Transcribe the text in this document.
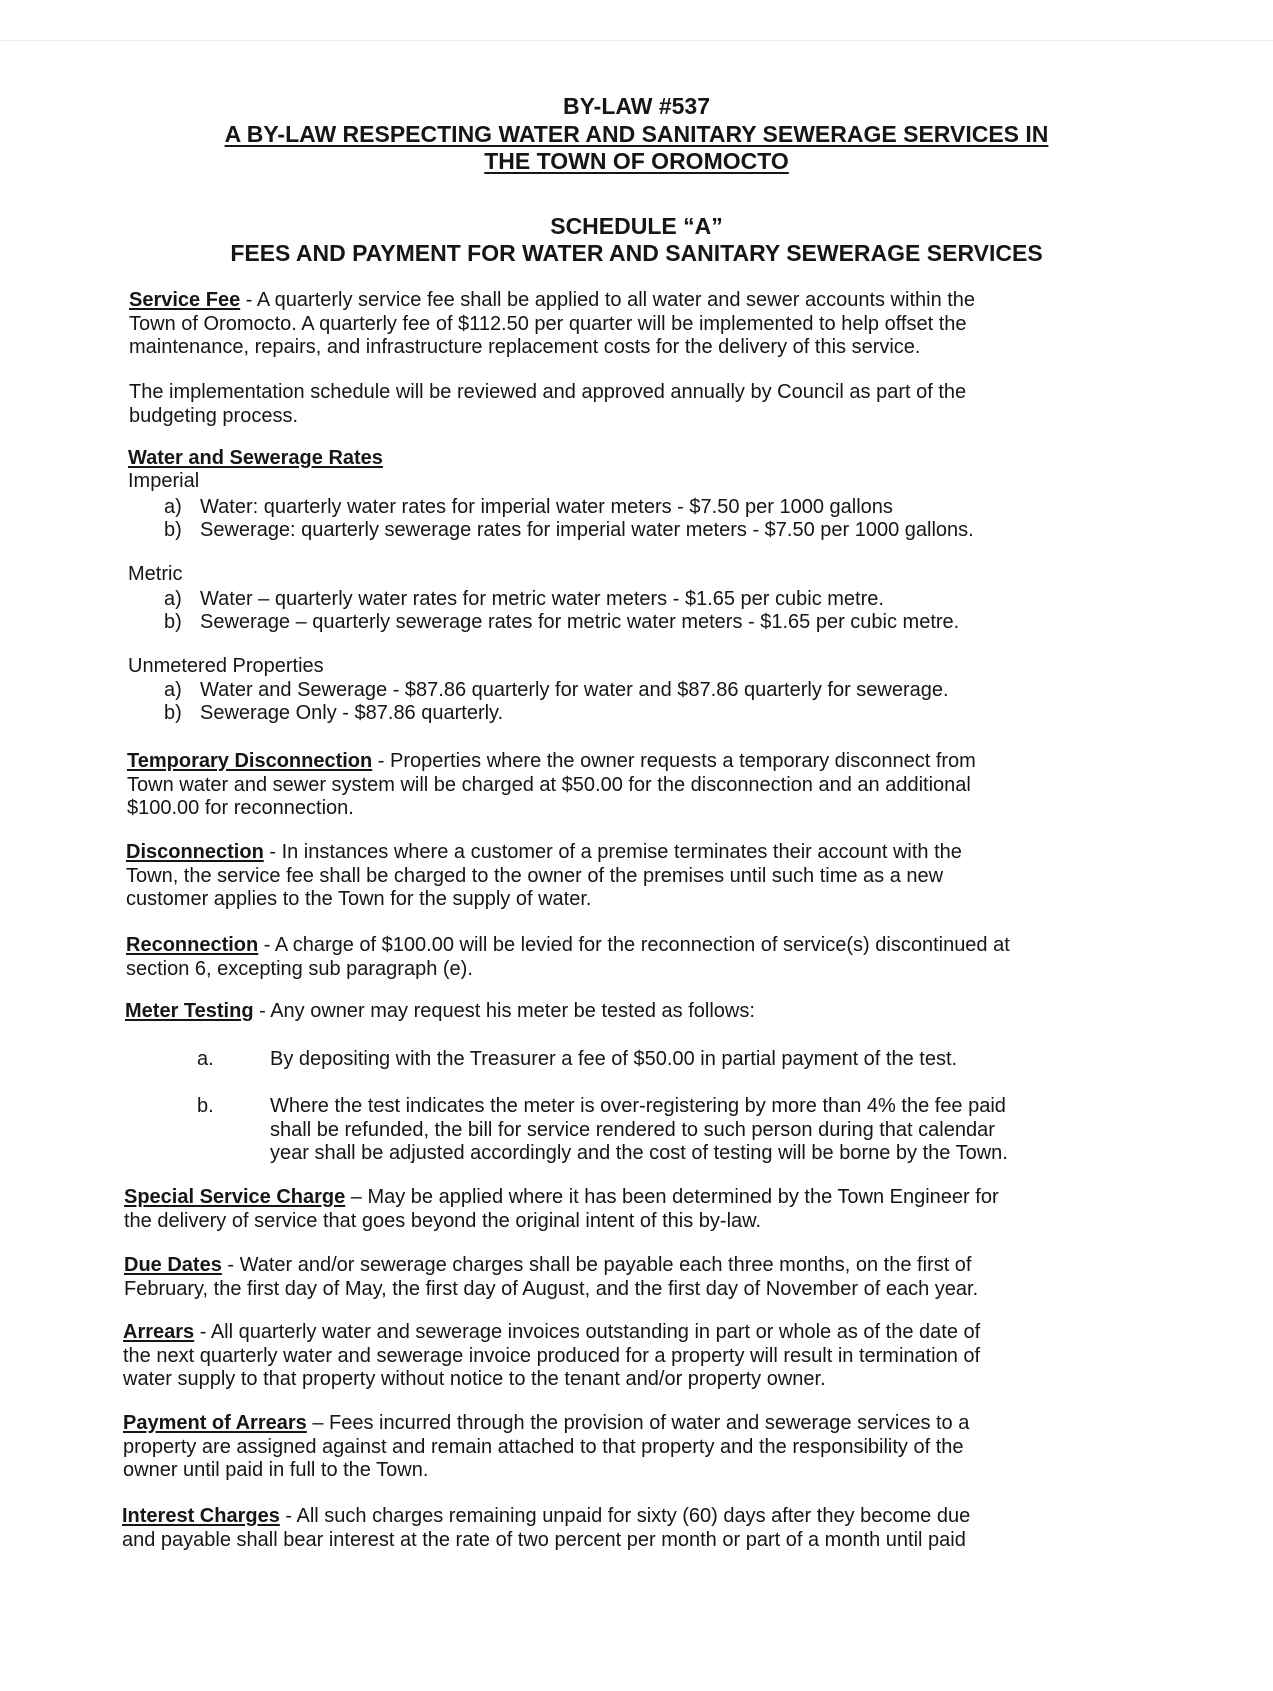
BY-LAW #537
A BY-LAW RESPECTING WATER AND SANITARY SEWERAGE SERVICES IN
THE TOWN OF OROMOCTO
SCHEDULE “A”
FEES AND PAYMENT FOR WATER AND SANITARY SEWERAGE SERVICES
Service Fee - A quarterly service fee shall be applied to all water and sewer accounts within the
Town of Oromocto. A quarterly fee of $112.50 per quarter will be implemented to help offset the
maintenance, repairs, and infrastructure replacement costs for the delivery of this service.
The implementation schedule will be reviewed and approved annually by Council as part of the
budgeting process.
Water and Sewerage Rates
Imperial
a) Water: quarterly water rates for imperial water meters - $7.50 per 1000 gallons
b) Sewerage: quarterly sewerage rates for imperial water meters - $7.50 per 1000 gallons.
Metric
a) Water – quarterly water rates for metric water meters - $1.65 per cubic metre.
b) Sewerage – quarterly sewerage rates for metric water meters - $1.65 per cubic metre.
Unmetered Properties
a) Water and Sewerage - $87.86 quarterly for water and $87.86 quarterly for sewerage.
b) Sewerage Only - $87.86 quarterly.
Temporary Disconnection - Properties where the owner requests a temporary disconnect from
Town water and sewer system will be charged at $50.00 for the disconnection and an additional
$100.00 for reconnection.
Disconnection - In instances where a customer of a premise terminates their account with the
Town, the service fee shall be charged to the owner of the premises until such time as a new
customer applies to the Town for the supply of water.
Reconnection - A charge of $100.00 will be levied for the reconnection of service(s) discontinued at
section 6, excepting sub paragraph (e).
Meter Testing - Any owner may request his meter be tested as follows:
a.	By depositing with the Treasurer a fee of $50.00 in partial payment of the test.
b.	Where the test indicates the meter is over-registering by more than 4% the fee paid
shall be refunded, the bill for service rendered to such person during that calendar
year shall be adjusted accordingly and the cost of testing will be borne by the Town.
Special Service Charge – May be applied where it has been determined by the Town Engineer for
the delivery of service that goes beyond the original intent of this by-law.
Due Dates - Water and/or sewerage charges shall be payable each three months, on the first of
February, the first day of May, the first day of August, and the first day of November of each year.
Arrears - All quarterly water and sewerage invoices outstanding in part or whole as of the date of
the next quarterly water and sewerage invoice produced for a property will result in termination of
water supply to that property without notice to the tenant and/or property owner.
Payment of Arrears – Fees incurred through the provision of water and sewerage services to a
property are assigned against and remain attached to that property and the responsibility of the
owner until paid in full to the Town.
Interest Charges - All such charges remaining unpaid for sixty (60) days after they become due
and payable shall bear interest at the rate of two percent per month or part of a month until paid
